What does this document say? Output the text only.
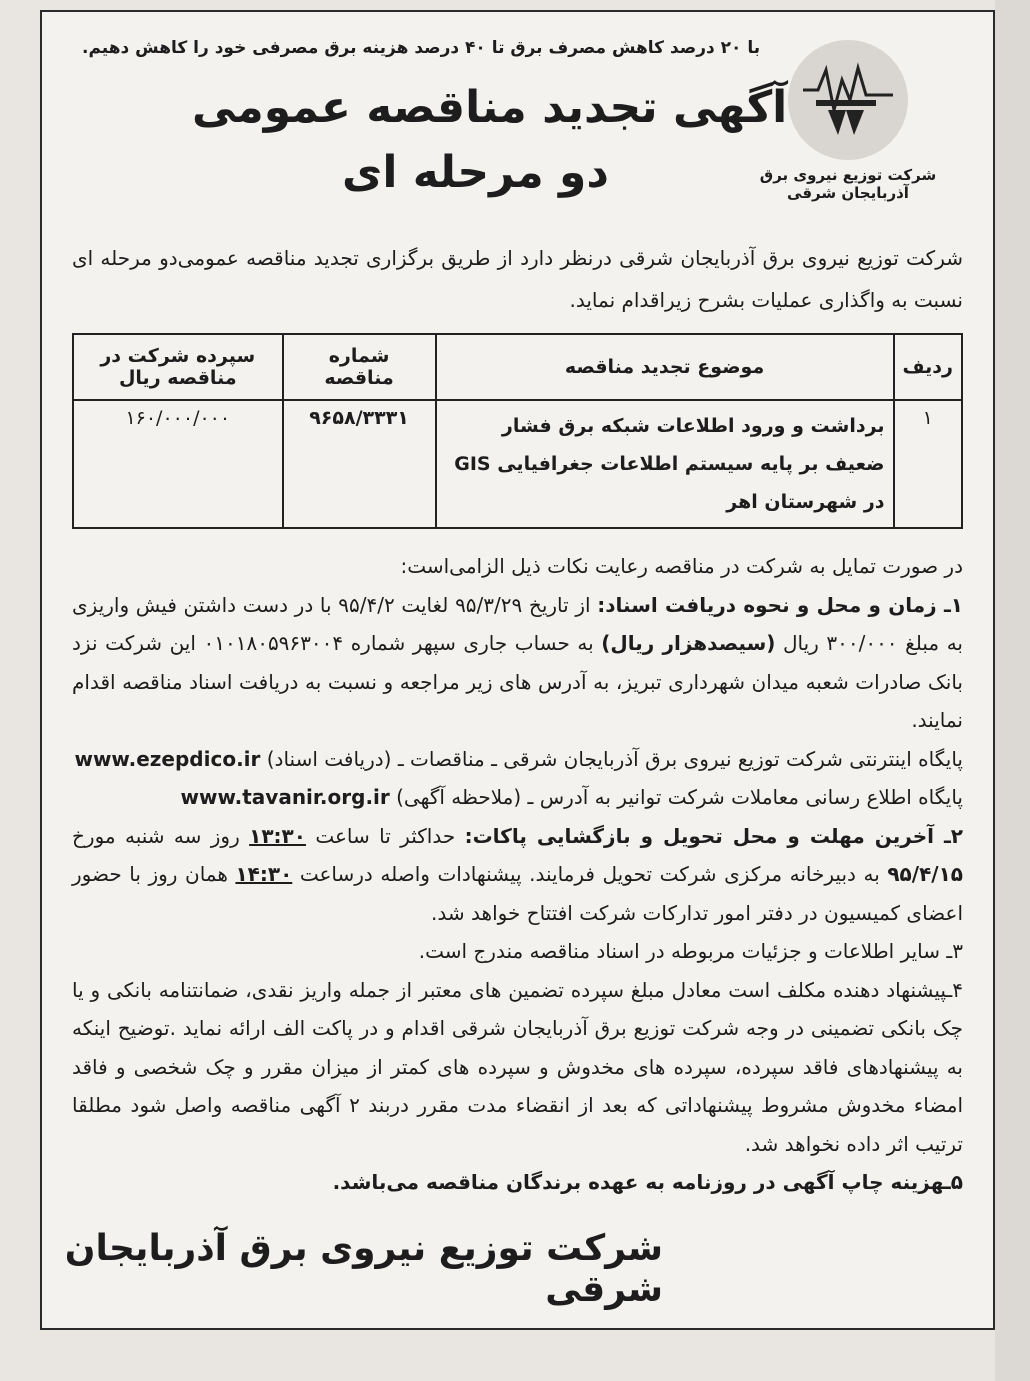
با ۲۰ درصد کاهش مصرف برق تا ۴۰ درصد هزینه برق مصرفی خود را کاهش دهیم.
شرکت توزیع نیروی برق آذربایجان شرقی
آگهی تجدید مناقصه عمومی
دو مرحله ای
شرکت توزیع نیروی برق آذربایجان شرقی درنظر دارد از طریق برگزاری تجدید مناقصه عمومی‌دو مرحله ای نسبت به واگذاری عملیات بشرح زیراقدام نماید.
ردیف	موضوع تجدید مناقصه	شماره مناقصه	سپرده شرکت در مناقصه ریال
۱	برداشت و ورود اطلاعات شبکه برق فشار ضعیف بر پایه سیستم اطلاعات جغرافیایی GIS در شهرستان اهر	۹۶۵۸/۳۳۳۱	۱۶۰/۰۰۰/۰۰۰

در صورت تمایل به شرکت در مناقصه رعایت نکات ذیل الزامی‌است:

۱ـ زمان و محل و نحوه دریافت اسناد: از تاریخ ۹۵/۳/۲۹ لغایت ۹۵/۴/۲ با در دست داشتن فیش واریزی به مبلغ ۳۰۰/۰۰۰ ریال (سیصدهزار ریال) به حساب جاری سپهر شماره ۰۱۰۱۸۰۵۹۶۳۰۰۴ این شرکت نزد بانک صادرات شعبه میدان شهرداری تبریز، به آدرس های زیر مراجعه و نسبت به دریافت اسناد مناقصه اقدام نمایند.

پایگاه اینترنتی شرکت توزیع نیروی برق آذربایجان شرقی ـ مناقصات ـ (دریافت اسناد) www.ezepdico.ir

پایگاه اطلاع رسانی معاملات شرکت توانیر به آدرس ـ (ملاحظه آگهی) www.tavanir.org.ir

۲ـ آخرین مهلت و محل تحویل و بازگشایی پاکات: حداکثر تا ساعت ۱۳:۳۰ روز سه شنبه مورخ ۹۵/۴/۱۵ به دبیرخانه مرکزی شرکت تحویل فرمایند. پیشنهادات واصله درساعت ۱۴:۳۰ همان روز با حضور اعضای کمیسیون در دفتر امور تدارکات شرکت افتتاح خواهد شد.

۳ـ سایر اطلاعات و جزئیات مربوطه در اسناد مناقصه مندرج است.

۴ـپیشنهاد دهنده مکلف است معادل مبلغ سپرده تضمین های معتبر از جمله واریز نقدی، ضمانتنامه بانکی و یا چک بانکی تضمینی در وجه شرکت توزیع برق آذربایجان شرقی اقدام و در پاکت الف ارائه نماید .توضیح اینکه به پیشنهادهای فاقد سپرده، سپرده های مخدوش و سپرده های کمتر از میزان مقرر و چک شخصی و فاقد امضاء مخدوش مشروط پیشنهاداتی که بعد از انقضاء مدت مقرر دربند ۲ آگهی مناقصه واصل شود مطلقا ترتیب اثر داده نخواهد شد.

۵ـهزینه چاپ آگهی در روزنامه به عهده برندگان مناقصه می‌باشد.

شرکت توزیع نیروی برق آذربایجان شرقی
